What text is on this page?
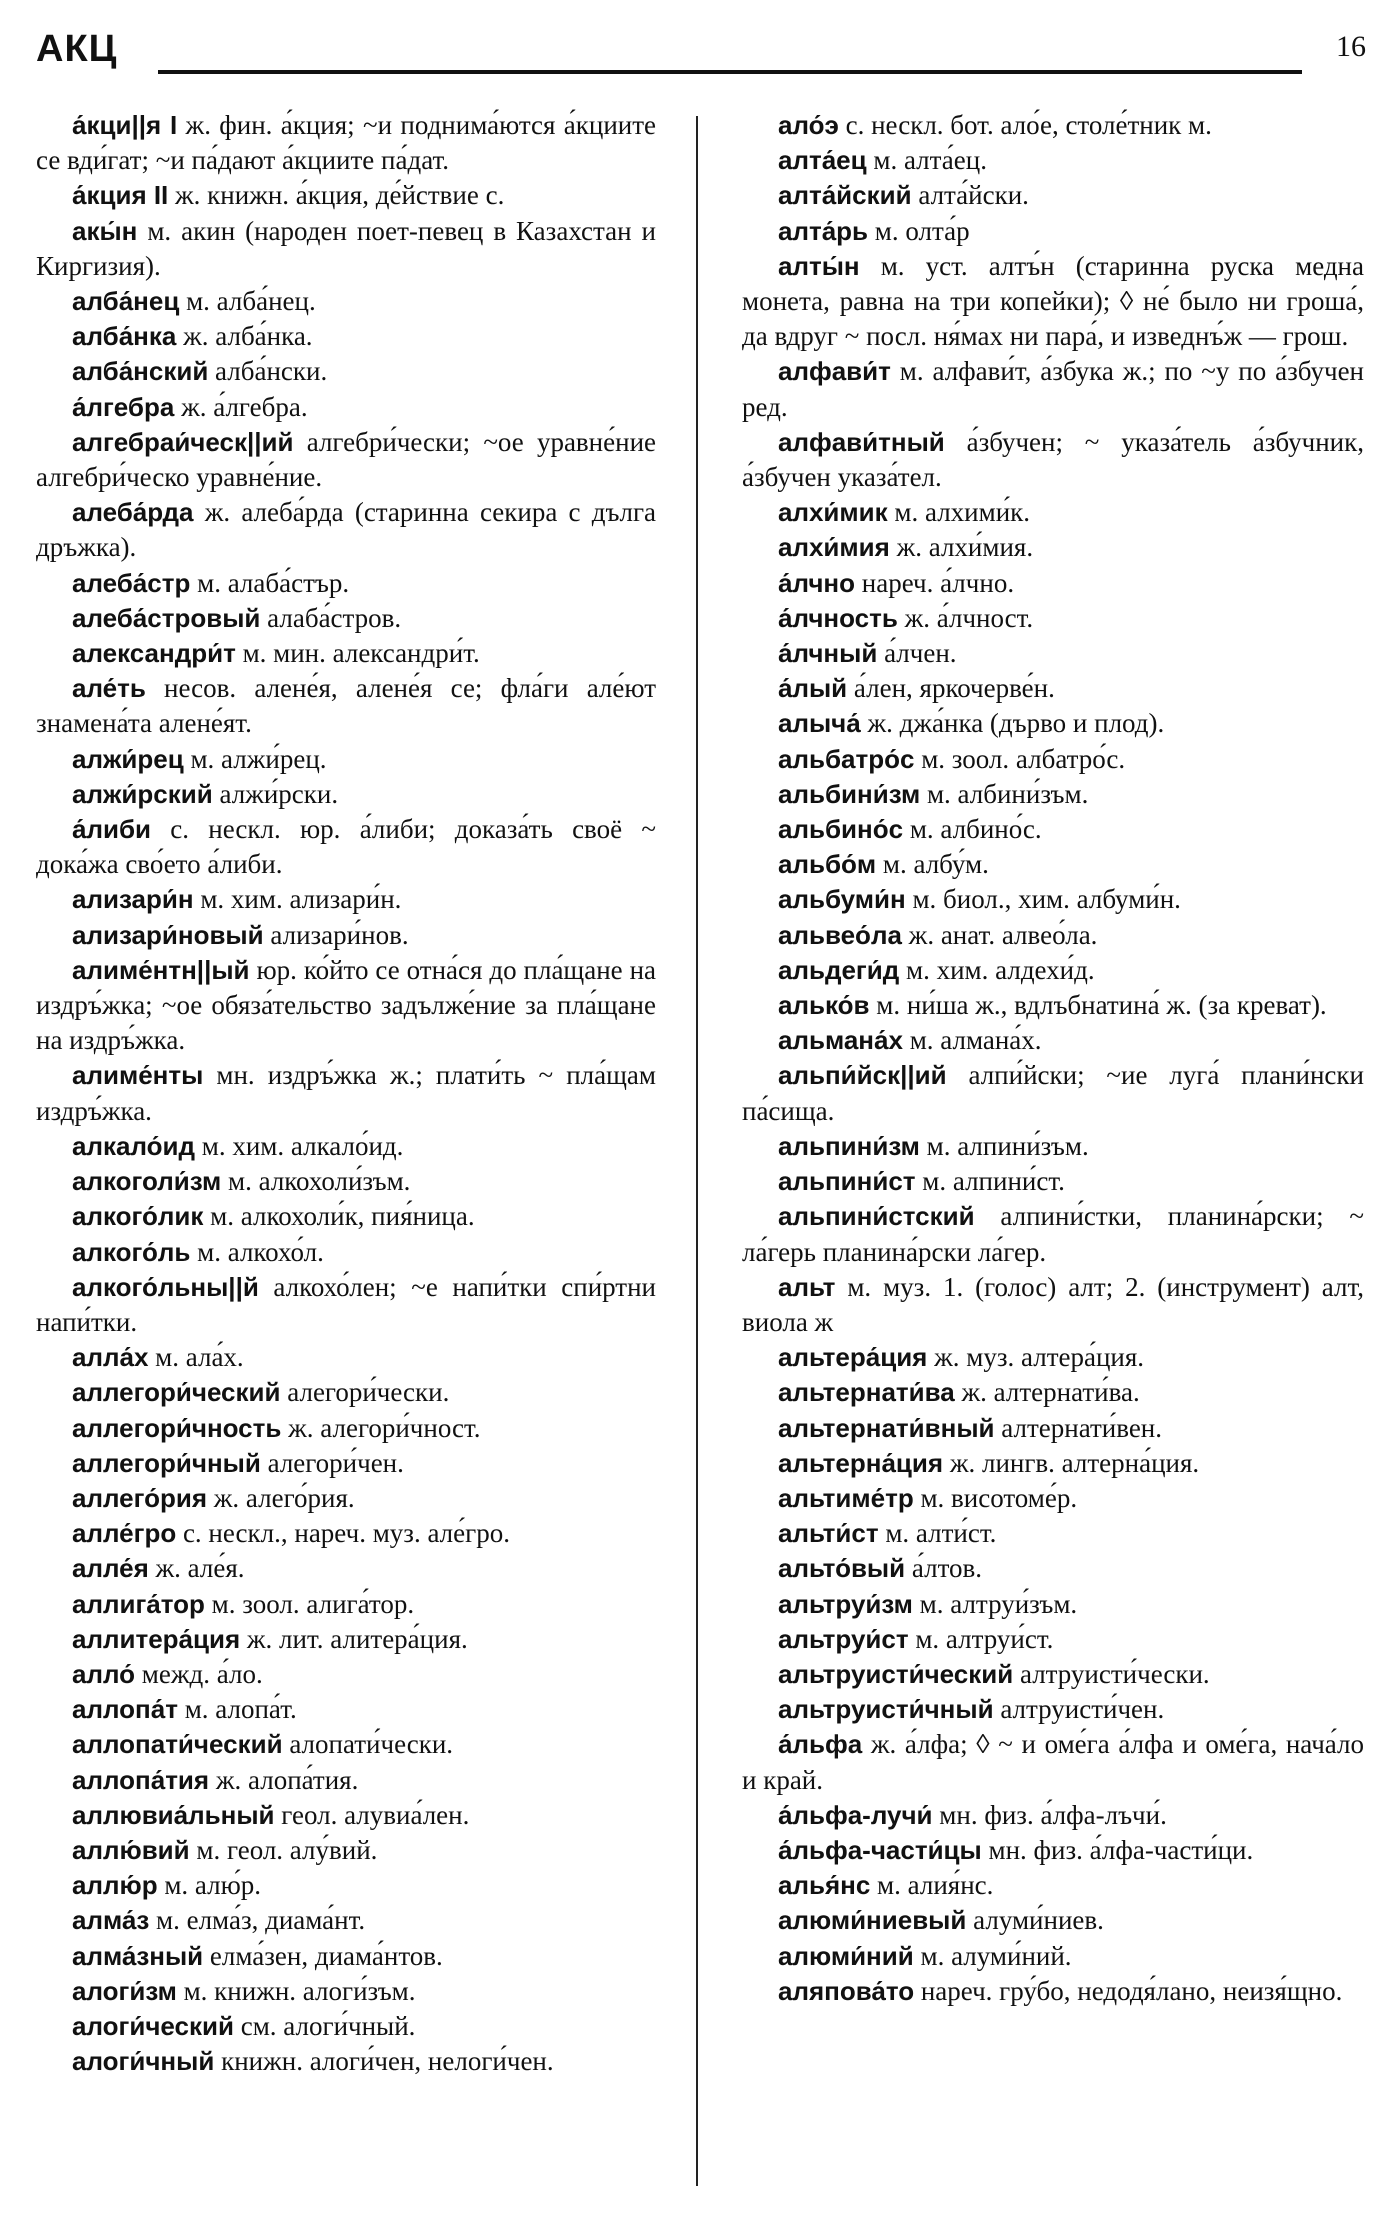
АКЦ	16

а́кци||я I ж. фин. а́кция; ~и поднима́ются а́кциите се вди́гат; ~и па́дают а́кциите па́дат.

а́кция II ж. книжн. а́кция, де́йствие с.

акы́н м. акин (народен поет-певец в Казахстан и Киргизия).

алба́нец м. алба́нец.

алба́нка ж. алба́нка.

алба́нский алба́нски.

а́лгебра ж. а́лгебра.

алгебраи́ческ||ий алгебри́чески; ~ое уравне́ние алгебри́ческо уравне́ние.

алеба́рда ж. алеба́рда (старинна секира с дълга дръжка).

алеба́стр м. алаба́стър.

алеба́стровый алаба́стров.

александри́т м. мин. александри́т.

але́ть несов. алене́я, алене́я се; фла́ги але́ют знамена́та алене́ят.

алжи́рец м. алжи́рец.

алжи́рский алжи́рски.

а́либи с. нескл. юр. а́либи; доказа́ть своё ~ дока́жа сво́ето а́либи.

ализари́н м. хим. ализари́н.

ализари́новый ализари́нов.

алиме́нтн||ый юр. ко́йто се отна́ся до пла́щане на издръ́жка; ~ое обяза́тельство задълже́ние за пла́щане на издръ́жка.

алиме́нты мн. издръ́жка ж.; плати́ть ~ пла́щам издръ́жка.

алкало́ид м. хим. алкало́ид.

алкоголи́зм м. алкохоли́зъм.

алкого́лик м. алкохоли́к, пия́ница.

алкого́ль м. алкохо́л.

алкого́льны||й алкохо́лен; ~е напи́тки спи́ртни напи́тки.

алла́х м. ала́х.

аллегори́ческий алегори́чески.

аллегори́чность ж. алегори́чност.

аллегори́чный алегори́чен.

аллего́рия ж. алего́рия.

алле́гро с. нескл., нареч. муз. але́гро.

алле́я ж. але́я.

аллига́тор м. зоол. алига́тор.

аллитера́ция ж. лит. алитера́ция.

алло́ межд. а́ло.

аллопа́т м. алопа́т.

аллопати́ческий алопати́чески.

аллопа́тия ж. алопа́тия.

аллювиа́льный геол. алувиа́лен.

аллю́вий м. геол. алу́вий.

аллю́р м. алю́р.

алма́з м. елма́з, диама́нт.

алма́зный елма́зен, диама́нтов.

алоги́зм м. книжн. алоги́зъм.

алоги́ческий см. алоги́чный.

алоги́чный книжн. алоги́чен, нелоги́чен.

ало́э с. нескл. бот. ало́е, столе́тник м.

алта́ец м. алта́ец.

алта́йский алта́йски.

алта́рь м. олта́р

алты́н м. уст. алтъ́н (старинна руска медна монета, равна на три копейки); ◊ не́ было ни гроша́, да вдруг ~ посл. ня́мах ни пара́, и изведнъ́ж — грош.

алфави́т м. алфави́т, а́збука ж.; по ~у по а́збучен ред.

алфави́тный а́збучен; ~ указа́тель а́збучник, а́збучен указа́тел.

алхи́мик м. алхими́к.

алхи́мия ж. алхи́мия.

а́лчно нареч. а́лчно.

а́лчность ж. а́лчност.

а́лчный а́лчен.

а́лый а́лен, яркочерве́н.

алыча́ ж. джа́нка (дърво и плод).

альбатро́с м. зоол. албатро́с.

альбини́зм м. албини́зъм.

альбино́с м. албино́с.

альбо́м м. албу́м.

альбуми́н м. биол., хим. албуми́н.

альвео́ла ж. анат. алвео́ла.

альдеги́д м. хим. алдехи́д.

алько́в м. ни́ша ж., вдлъбнатина́ ж. (за креват).

альмана́х м. алмана́х.

альпи́йск||ий алпи́йски; ~ие луга́ плани́нски па́сища.

альпини́зм м. алпини́зъм.

альпини́ст м. алпини́ст.

альпини́стский алпини́стки, планина́рски; ~ ла́герь планина́рски ла́гер.

альт м. муз. 1. (голос) алт; 2. (инструмент) алт, виола ж

альтера́ция ж. муз. алтера́ция.

альтернати́ва ж. алтернати́ва.

альтернати́вный алтернати́вен.

альтерна́ция ж. лингв. алтерна́ция.

альтиме́тр м. висотоме́р.

альти́ст м. алти́ст.

альто́вый а́лтов.

альтруи́зм м. алтруи́зъм.

альтруи́ст м. алтруи́ст.

альтруисти́ческий алтруисти́чески.

альтруисти́чный алтруисти́чен.

а́льфа ж. а́лфа; ◊ ~ и оме́га а́лфа и оме́га, нача́ло и край.

а́льфа-лучи́ мн. физ. а́лфа-лъчи́.

а́льфа-части́цы мн. физ. а́лфа-части́ци.

алья́нс м. алия́нс.

алюми́ниевый алуми́ниев.

алюми́ний м. алуми́ний.

аляпова́то нареч. гру́бо, недодя́лано, неизя́щно.
